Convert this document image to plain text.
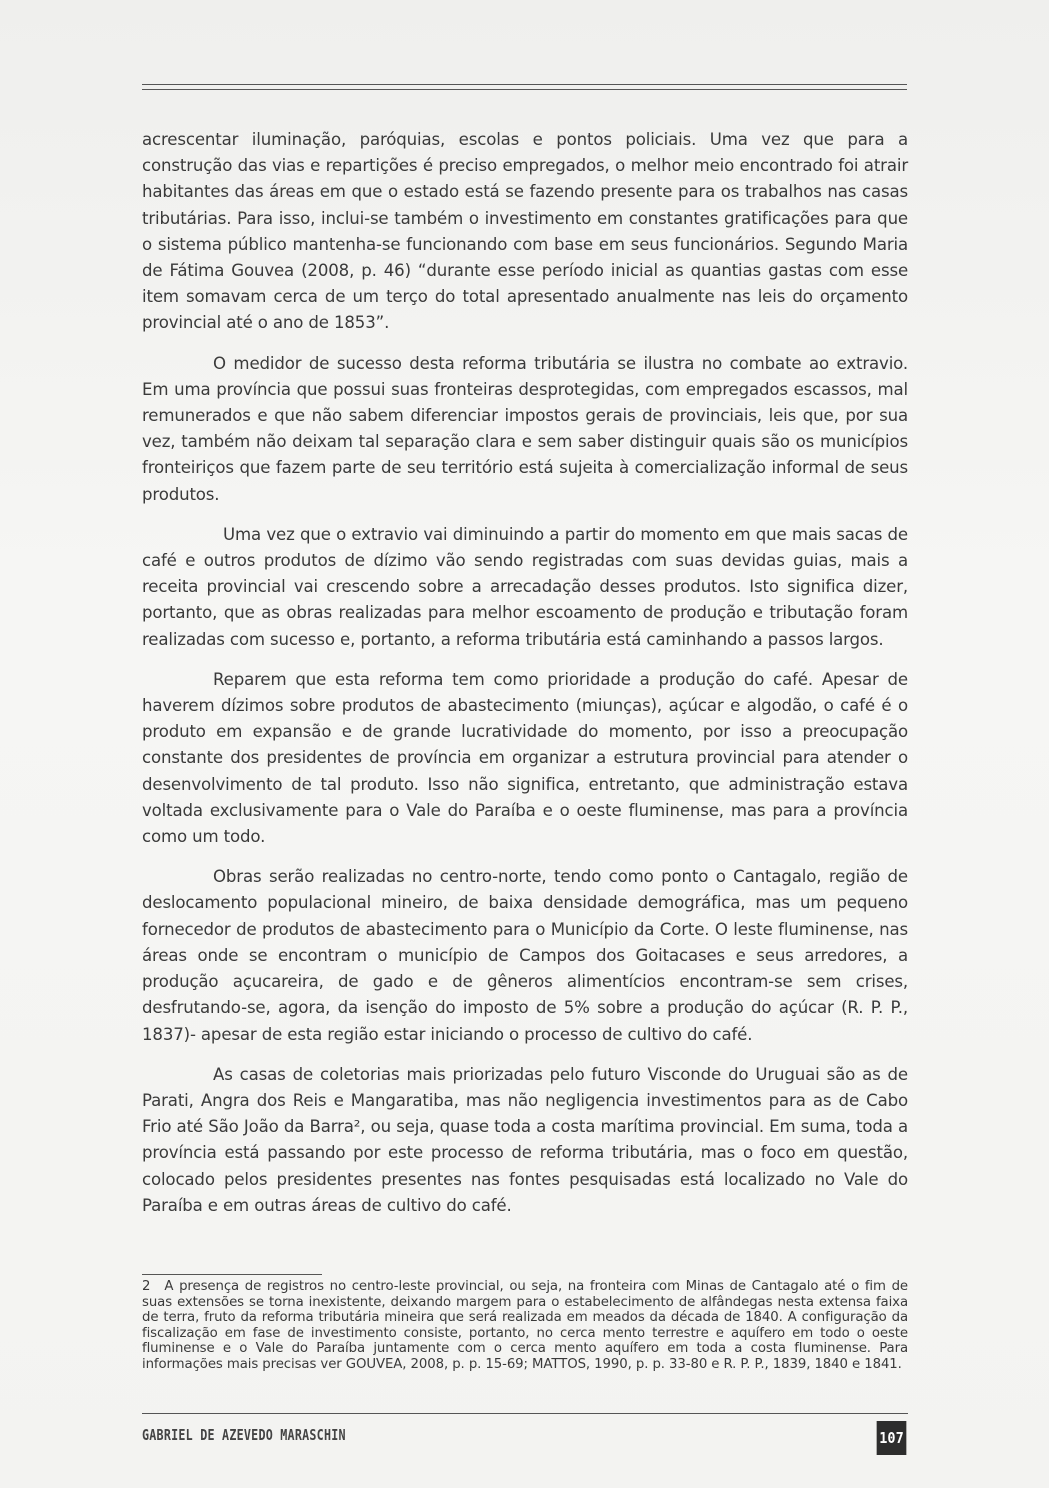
acrescentar iluminação, paróquias, escolas e pontos policiais. Uma vez que para a construção das vias e repartições é preciso empregados, o melhor meio encontrado foi atrair habitantes das áreas em que o estado está se fazendo presente para os trabalhos nas casas tributárias. Para isso, inclui-se também o investimento em constantes gratificações para que o sistema público mantenha-se funcionando com base em seus funcionários. Segundo Maria de Fátima Gouvea (2008, p. 46) “durante esse período inicial as quantias gastas com esse item somavam cerca de um terço do total apresentado anualmente nas leis do orçamento provincial até o ano de 1853”.

O medidor de sucesso desta reforma tributária se ilustra no combate ao extravio. Em uma província que possui suas fronteiras desprotegidas, com empregados escassos, mal remunerados e que não sabem diferenciar impostos gerais de provinciais, leis que, por sua vez, também não deixam tal separação clara e sem saber distinguir quais são os municípios fronteiriços que fazem parte de seu território está sujeita à comercialização informal de seus produtos.

Uma vez que o extravio vai diminuindo a partir do momento em que mais sacas de café e outros produtos de dízimo vão sendo registradas com suas devidas guias, mais a receita provincial vai crescendo sobre a arrecadação desses produtos. Isto significa dizer, portanto, que as obras realizadas para melhor escoamento de produção e tributação foram realizadas com sucesso e, portanto, a reforma tributária está caminhando a passos largos.

Reparem que esta reforma tem como prioridade a produção do café. Apesar de haverem dízimos sobre produtos de abastecimento (miunças), açúcar e algodão, o café é o produto em expansão e de grande lucratividade do momento, por isso a preocupação constante dos presidentes de província em organizar a estrutura provincial para atender o desenvolvimento de tal produto. Isso não significa, entretanto, que administração estava voltada exclusivamente para o Vale do Paraíba e o oeste fluminense, mas para a província como um todo.

Obras serão realizadas no centro-norte, tendo como ponto o Cantagalo, região de deslocamento populacional mineiro, de baixa densidade demográfica, mas um pequeno fornecedor de produtos de abastecimento para o Município da Corte. O leste fluminense, nas áreas onde se encontram o município de Campos dos Goitacases e seus arredores, a produção açucareira, de gado e de gêneros alimentícios encontram-se sem crises, desfrutando-se, agora, da isenção do imposto de 5% sobre a produção do açúcar (R. P. P., 1837)- apesar de esta região estar iniciando o processo de cultivo do café.

As casas de coletorias mais priorizadas pelo futuro Visconde do Uruguai são as de Parati, Angra dos Reis e Mangaratiba, mas não negligencia investimentos para as de Cabo Frio até São João da Barra², ou seja, quase toda a costa marítima provincial. Em suma, toda a província está passando por este processo de reforma tributária, mas o foco em questão, colocado pelos presidentes presentes nas fontes pesquisadas está localizado no Vale do Paraíba e em outras áreas de cultivo do café.

2 A presença de registros no centro-leste provincial, ou seja, na fronteira com Minas de Cantagalo até o fim de suas extensões se torna inexistente, deixando margem para o estabelecimento de alfândegas nesta extensa faixa de terra, fruto da reforma tributária mineira que será realizada em meados da década de 1840. A configuração da fiscalização em fase de investimento consiste, portanto, no cerca mento terrestre e aquífero em todo o oeste fluminense e o Vale do Paraíba juntamente com o cerca mento aquífero em toda a costa fluminense. Para informações mais precisas ver GOUVEA, 2008, p. p. 15-69; MATTOS, 1990, p. p. 33-80 e R. P. P., 1839, 1840 e 1841.
GABRIEL DE AZEVEDO MARASCHIN	107
